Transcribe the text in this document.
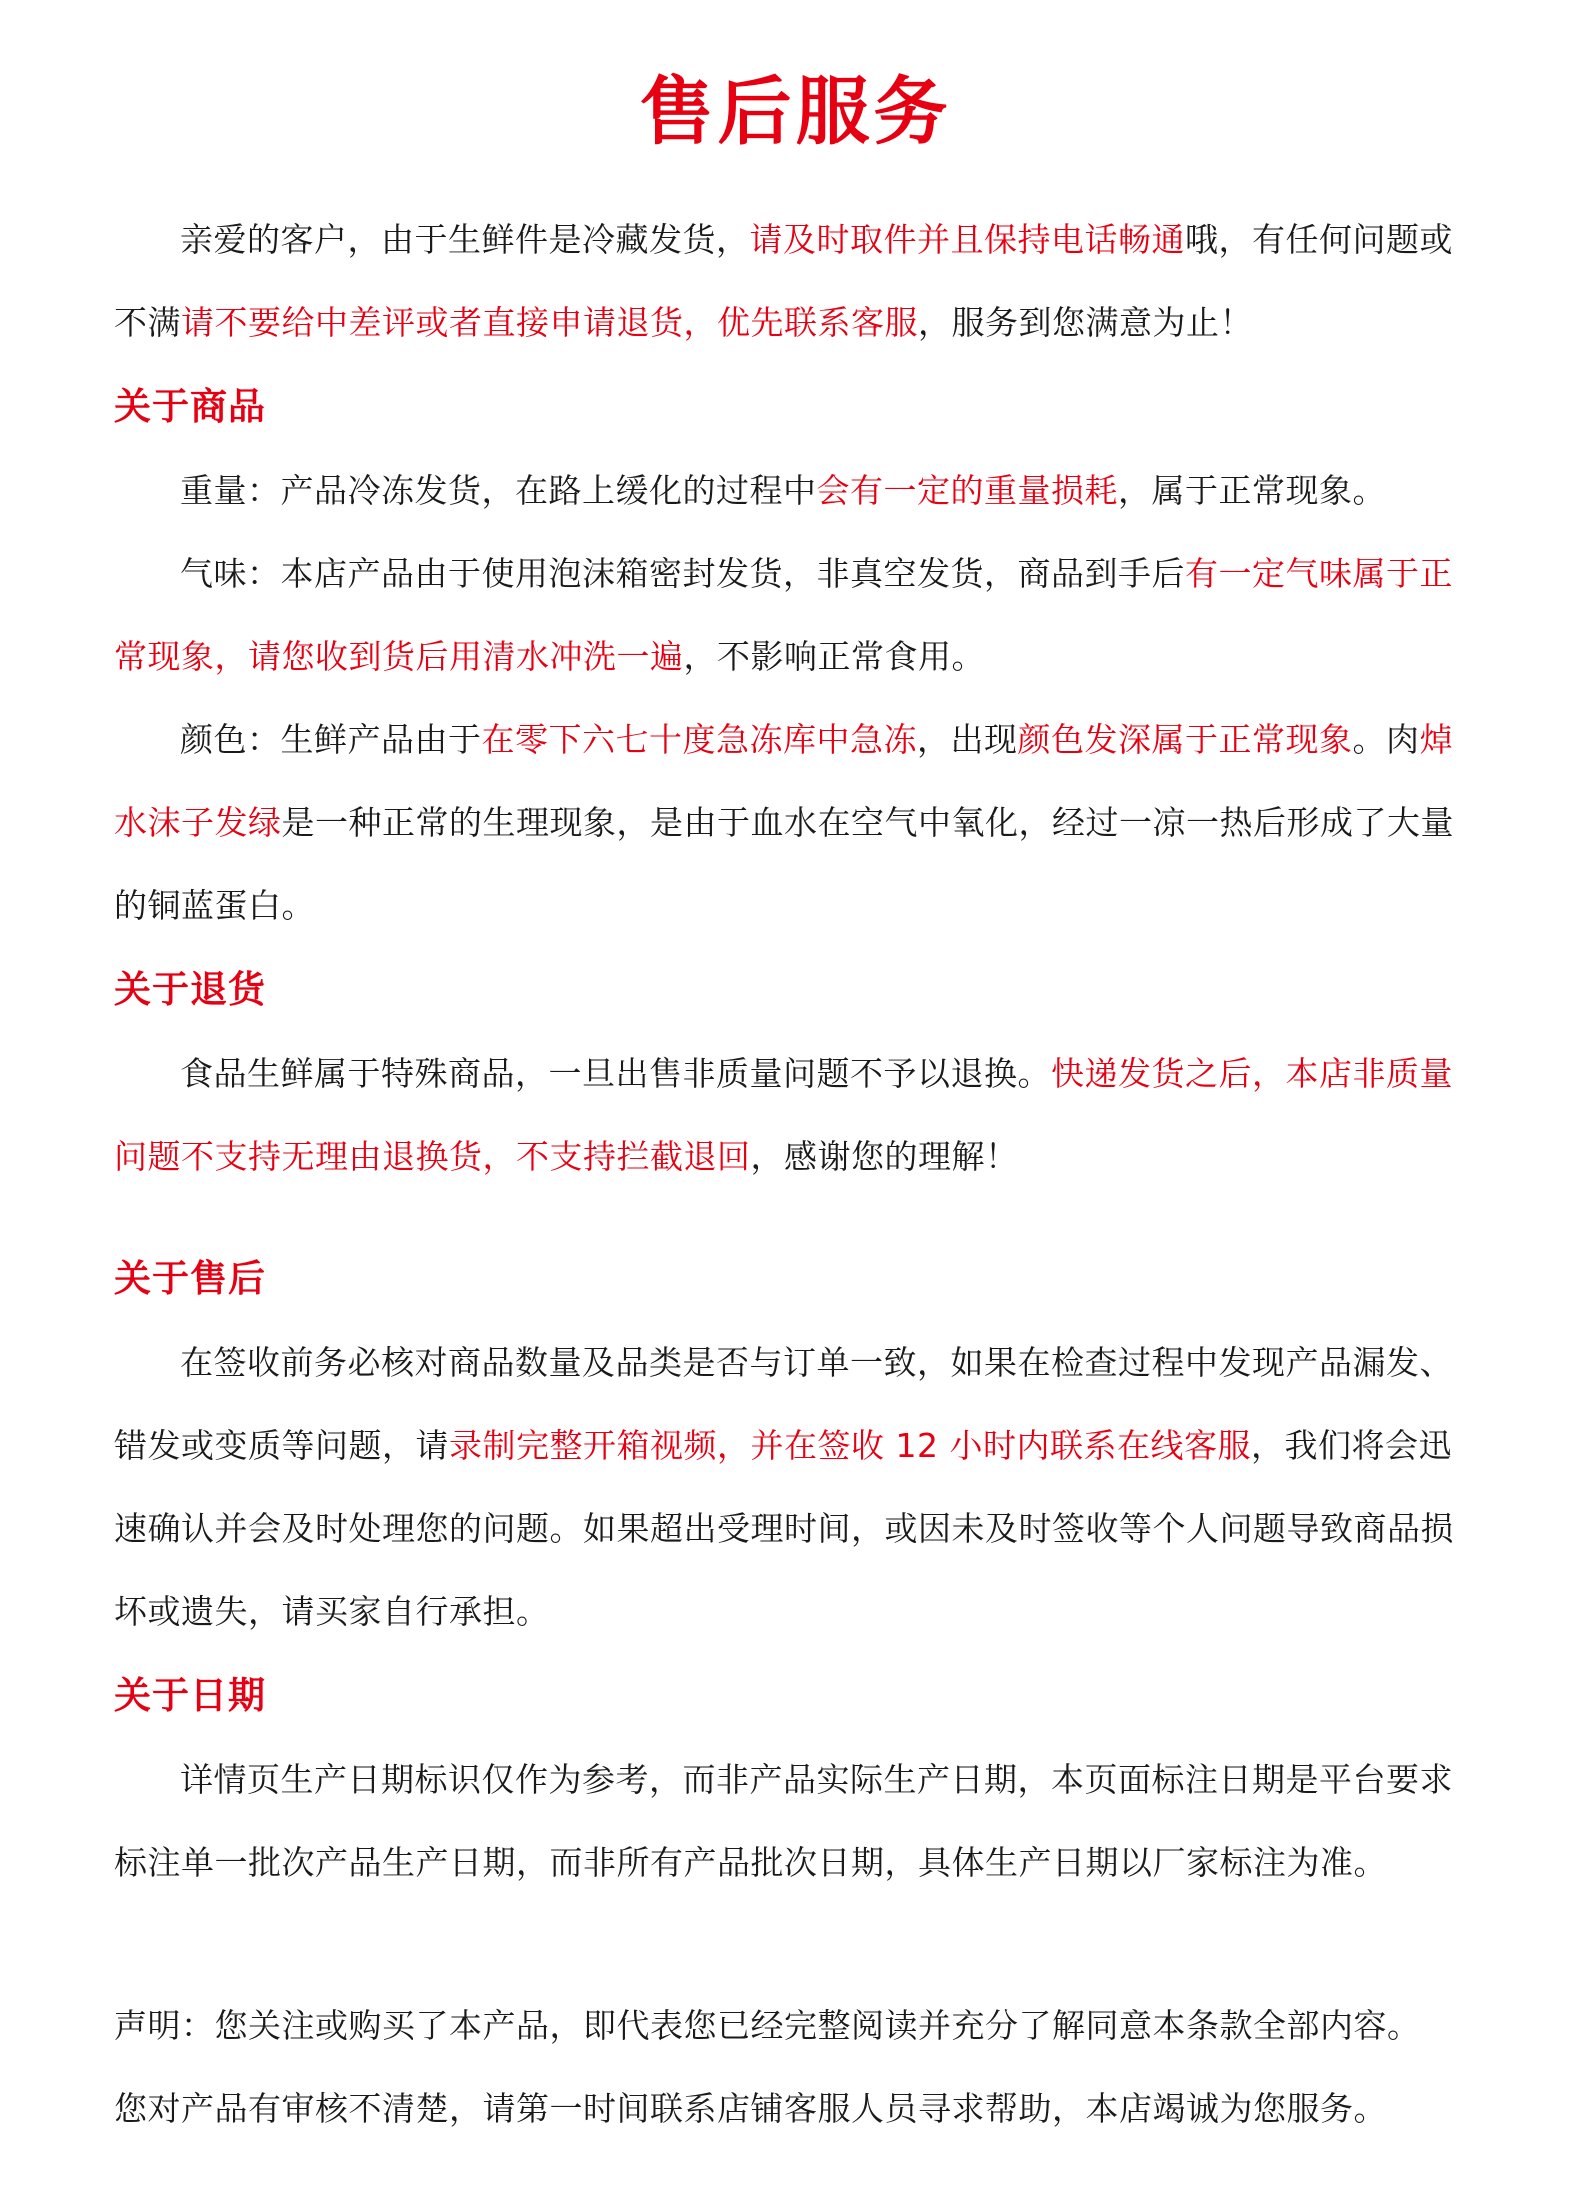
售后服务

亲爱的客户，由于生鲜件是冷藏发货，请及时取件并且保持电话畅通哦，有任何问题或不满请不要给中差评或者直接申请退货，优先联系客服，服务到您满意为止！

关于商品

重量：产品冷冻发货，在路上缓化的过程中会有一定的重量损耗，属于正常现象。

气味：本店产品由于使用泡沫箱密封发货，非真空发货，商品到手后有一定气味属于正常现象，请您收到货后用清水冲洗一遍，不影响正常食用。

颜色：生鲜产品由于在零下六七十度急冻库中急冻，出现颜色发深属于正常现象。肉焯水沫子发绿是一种正常的生理现象，是由于血水在空气中氧化，经过一凉一热后形成了大量的铜蓝蛋白。

关于退货

食品生鲜属于特殊商品，一旦出售非质量问题不予以退换。快递发货之后，本店非质量问题不支持无理由退换货，不支持拦截退回，感谢您的理解！

关于售后

在签收前务必核对商品数量及品类是否与订单一致，如果在检查过程中发现产品漏发、错发或变质等问题，请录制完整开箱视频，并在签收 12 小时内联系在线客服，我们将会迅速确认并会及时处理您的问题。如果超出受理时间，或因未及时签收等个人问题导致商品损坏或遗失，请买家自行承担。

关于日期

详情页生产日期标识仅作为参考，而非产品实际生产日期，本页面标注日期是平台要求标注单一批次产品生产日期，而非所有产品批次日期，具体生产日期以厂家标注为准。

声明：您关注或购买了本产品，即代表您已经完整阅读并充分了解同意本条款全部内容。

您对产品有审核不清楚，请第一时间联系店铺客服人员寻求帮助，本店竭诚为您服务。
